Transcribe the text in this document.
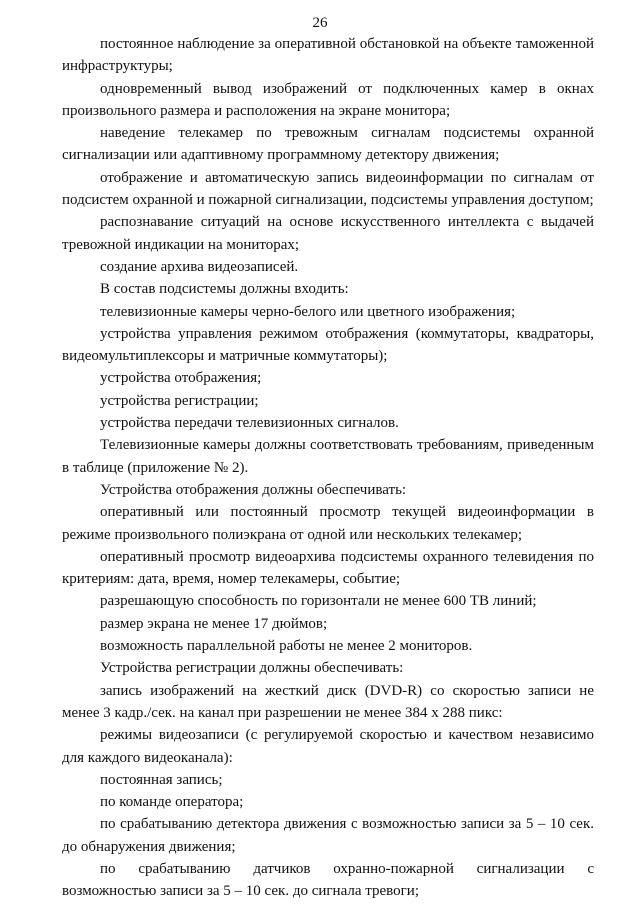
26

постоянное наблюдение за оперативной обстановкой на объекте таможенной инфраструктуры;

одновременный вывод изображений от подключенных камер в окнах произвольного размера и расположения на экране монитора;

наведение телекамер по тревожным сигналам подсистемы охранной сигнализации или адаптивному программному детектору движения;

отображение и автоматическую запись видеоинформации по сигналам от подсистем охранной и пожарной сигнализации, подсистемы управления доступом;

распознавание ситуаций на основе искусственного интеллекта с выдачей тревожной индикации на мониторах;

создание архива видеозаписей.

В состав подсистемы должны входить:

телевизионные камеры черно-белого или цветного изображения;

устройства управления режимом отображения (коммутаторы, квадраторы, видеомультиплексоры и матричные коммутаторы);

устройства отображения;

устройства регистрации;

устройства передачи телевизионных сигналов.

Телевизионные камеры должны соответствовать требованиям, приведенным в таблице (приложение № 2).

Устройства отображения должны обеспечивать:

оперативный или постоянный просмотр текущей видеоинформации в режиме произвольного полиэкрана от одной или нескольких телекамер;

оперативный просмотр видеоархива подсистемы охранного телевидения по критериям: дата, время, номер телекамеры, событие;

разрешающую способность по горизонтали не менее 600 ТВ линий;

размер экрана не менее 17 дюймов;

возможность параллельной работы не менее 2 мониторов.

Устройства регистрации должны обеспечивать:

запись изображений на жесткий диск (DVD-R) со скоростью записи не менее 3 кадр./сек. на канал при разрешении не менее 384 х 288 пикс:

режимы видеозаписи (с регулируемой скоростью и качеством независимо для каждого видеоканала):

постоянная запись;

по команде оператора;

по срабатыванию детектора движения с возможностью записи за 5 – 10 сек. до обнаружения движения;

по срабатыванию датчиков охранно-пожарной сигнализации с возможностью записи за 5 – 10 сек. до сигнала тревоги;
